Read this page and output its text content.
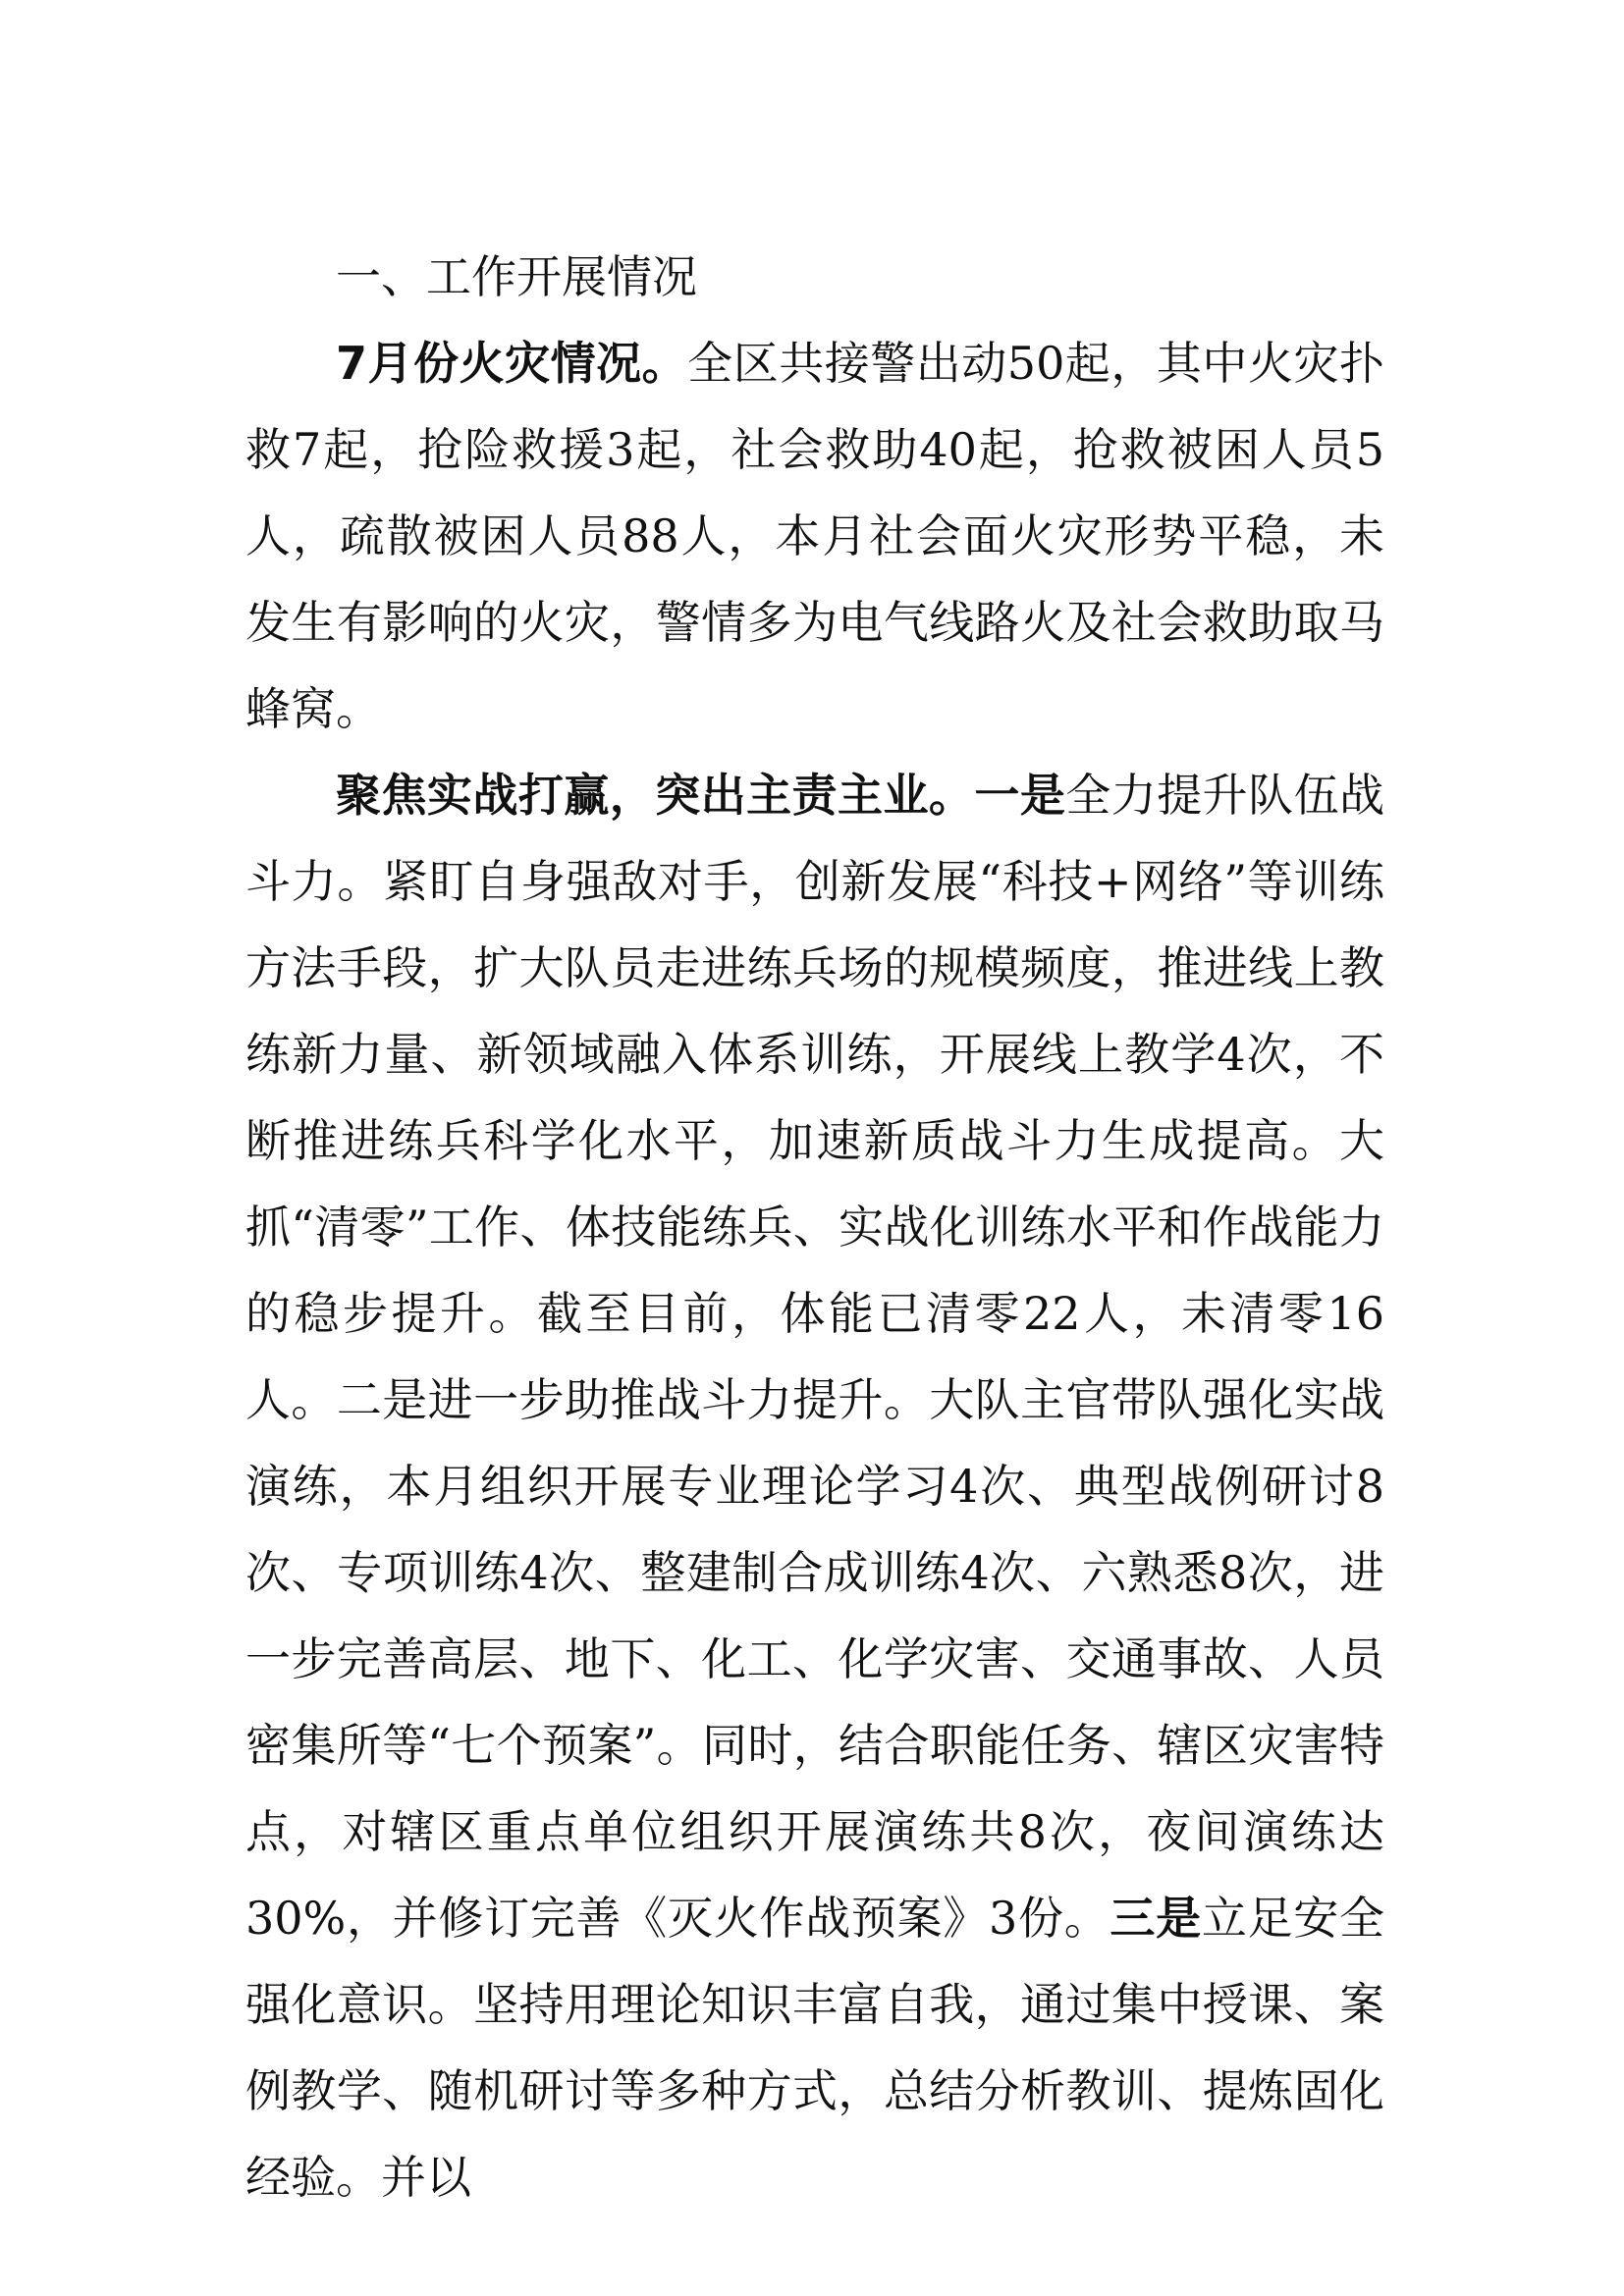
一、工作开展情况

7月份火灾情况。全区共接警出动50起，其中火灾扑救7起，抢险救援3起，社会救助40起，抢救被困人员5人，疏散被困人员88人，本月社会面火灾形势平稳，未发生有影响的火灾，警情多为电气线路火及社会救助取马蜂窝。

聚焦实战打赢，突出主责主业。一是全力提升队伍战斗力。紧盯自身强敌对手，创新发展“科技+网络”等训练方法手段，扩大队员走进练兵场的规模频度，推进线上教练新力量、新领域融入体系训练，开展线上教学4次，不断推进练兵科学化水平，加速新质战斗力生成提高。大抓“清零”工作、体技能练兵、实战化训练水平和作战能力的稳步提升。截至目前，体能已清零22人，未清零16人。二是进一步助推战斗力提升。大队主官带队强化实战演练，本月组织开展专业理论学习4次、典型战例研讨8次、专项训练4次、整建制合成训练4次、六熟悉8次，进一步完善高层、地下、化工、化学灾害、交通事故、人员密集所等“七个预案”。同时，结合职能任务、辖区灾害特点，对辖区重点单位组织开展演练共8次，夜间演练达30%，并修订完善《灭火作战预案》3份。三是立足安全强化意识。坚持用理论知识丰富自我，通过集中授课、案例教学、随机研讨等多种方式，总结分析教训、提炼固化经验。并以
